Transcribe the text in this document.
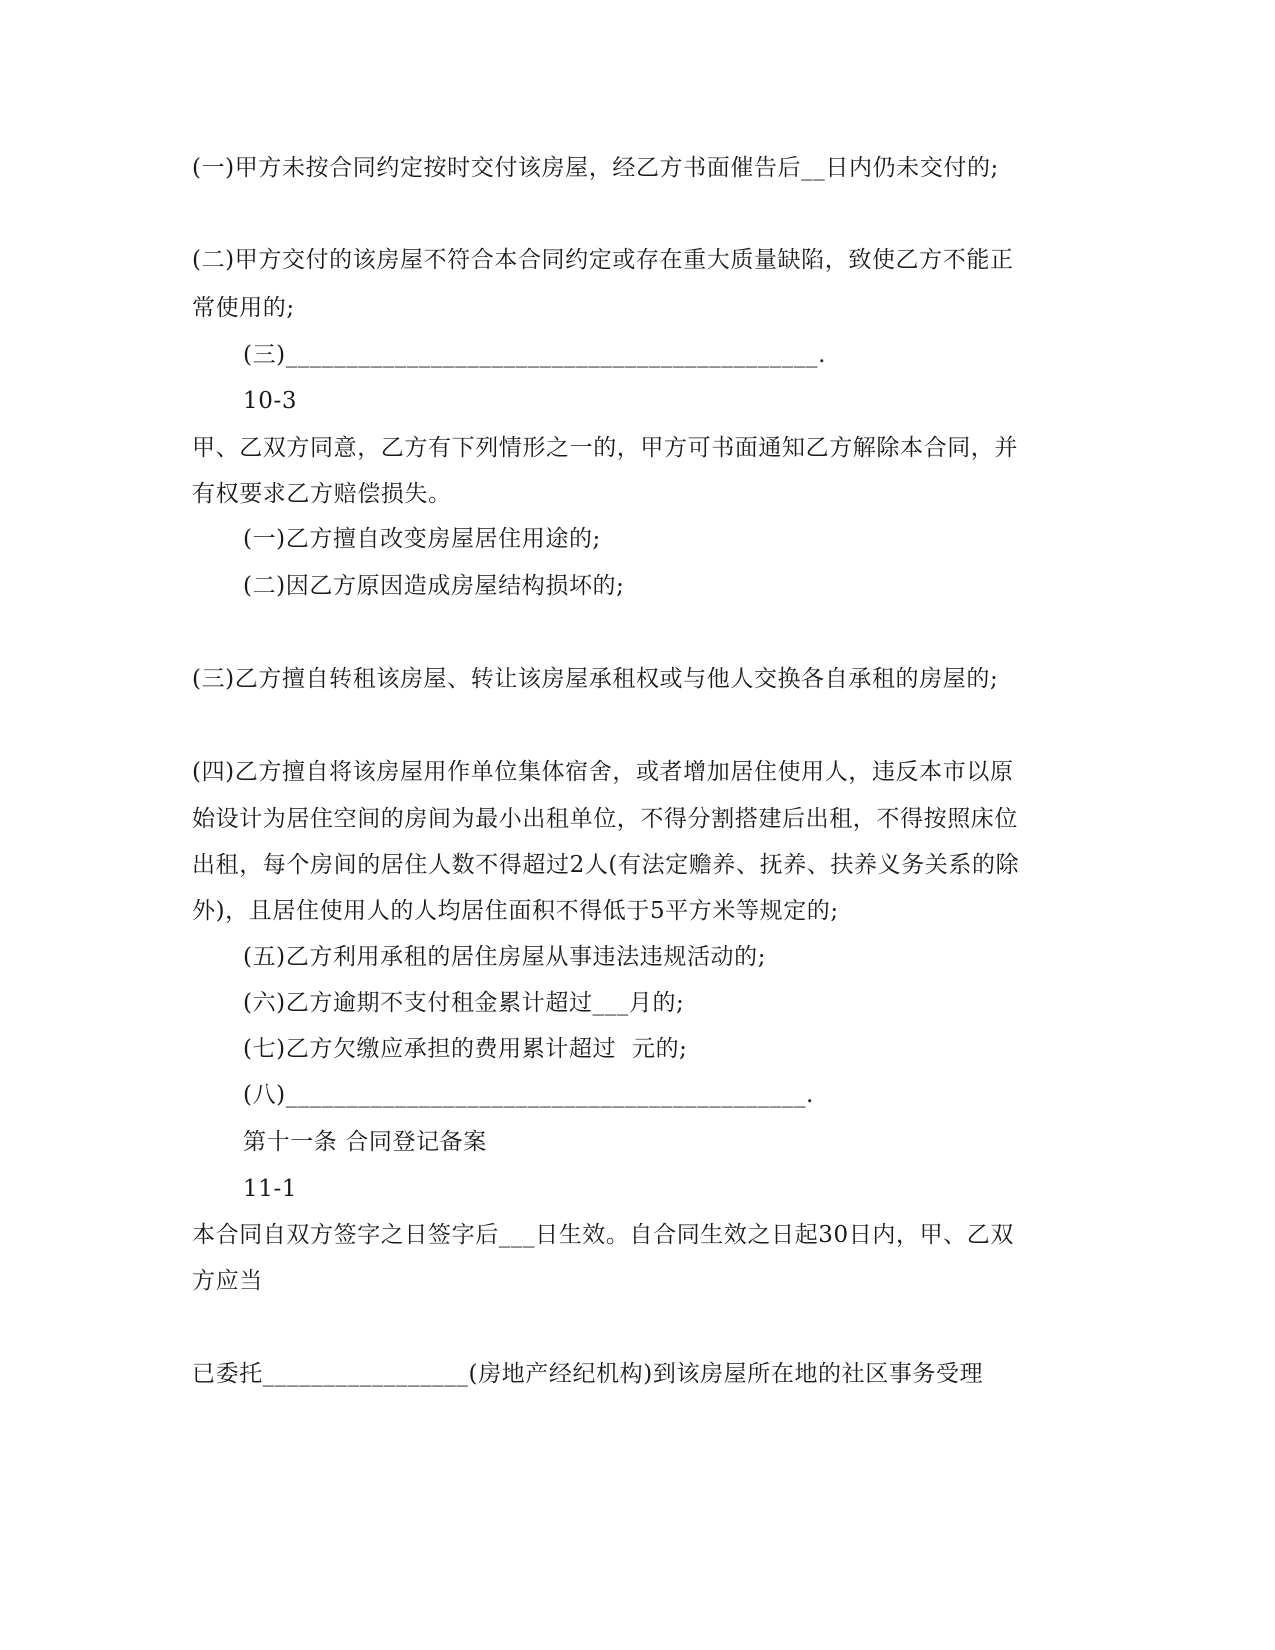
(一)甲方未按合同约定按时交付该房屋，经乙方书面催告后__日内仍未交付的;
(二)甲方交付的该房屋不符合本合同约定或存在重大质量缺陷，致使乙方不能正
常使用的;
(三)____________________________________________.
10-3
甲、乙双方同意，乙方有下列情形之一的，甲方可书面通知乙方解除本合同，并
有权要求乙方赔偿损失。
(一)乙方擅自改变房屋居住用途的;
(二)因乙方原因造成房屋结构损坏的;
(三)乙方擅自转租该房屋、转让该房屋承租权或与他人交换各自承租的房屋的;
(四)乙方擅自将该房屋用作单位集体宿舍，或者增加居住使用人，违反本市以原
始设计为居住空间的房间为最小出租单位，不得分割搭建后出租，不得按照床位
出租，每个房间的居住人数不得超过2人(有法定赡养、抚养、扶养义务关系的除
外)，且居住使用人的人均居住面积不得低于5平方米等规定的;
(五)乙方利用承租的居住房屋从事违法违规活动的;
(六)乙方逾期不支付租金累计超过___月的;
(七)乙方欠缴应承担的费用累计超过  元的;
(八)___________________________________________.
第十一条 合同登记备案
11-1
本合同自双方签字之日签字后___日生效。自合同生效之日起30日内，甲、乙双
方应当
已委托_________________(房地产经纪机构)到该房屋所在地的社区事务受理
